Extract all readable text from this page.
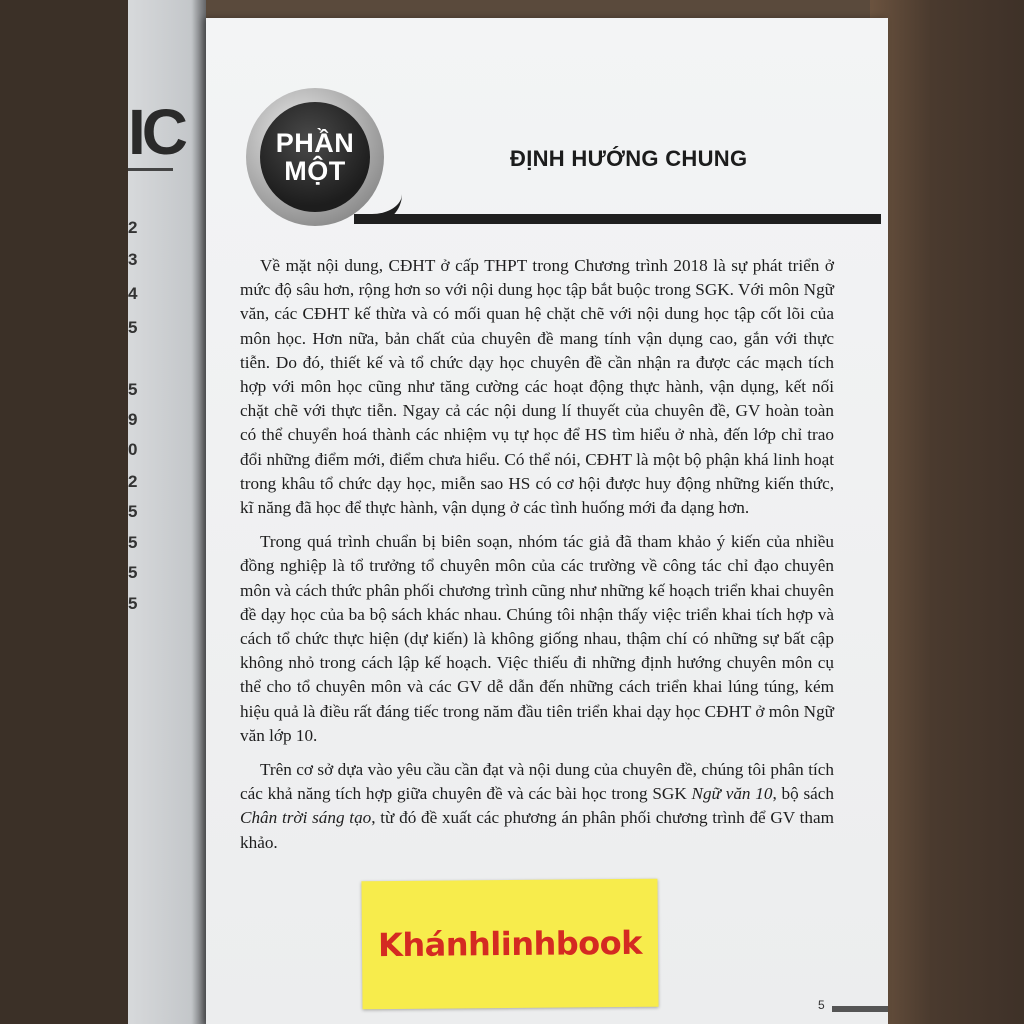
IC
2
3
4
5
5
9
0
2
5
5
5
5
PHẦN
MỘT	ĐỊNH HƯỚNG CHUNG

Về mặt nội dung, CĐHT ở cấp THPT trong Chương trình 2018 là sự phát triển ở mức độ sâu hơn, rộng hơn so với nội dung học tập bắt buộc trong SGK. Với môn Ngữ văn, các CĐHT kế thừa và có mối quan hệ chặt chẽ với nội dung học tập cốt lõi của môn học. Hơn nữa, bản chất của chuyên đề mang tính vận dụng cao, gắn với thực tiễn. Do đó, thiết kế và tổ chức dạy học chuyên đề cần nhận ra được các mạch tích hợp với môn học cũng như tăng cường các hoạt động thực hành, vận dụng, kết nối chặt chẽ với thực tiễn. Ngay cả các nội dung lí thuyết của chuyên đề, GV hoàn toàn có thể chuyển hoá thành các nhiệm vụ tự học để HS tìm hiểu ở nhà, đến lớp chỉ trao đổi những điểm mới, điểm chưa hiểu. Có thể nói, CĐHT là một bộ phận khá linh hoạt trong khâu tổ chức dạy học, miễn sao HS có cơ hội được huy động những kiến thức, kĩ năng đã học để thực hành, vận dụng ở các tình huống mới đa dạng hơn.

Trong quá trình chuẩn bị biên soạn, nhóm tác giả đã tham khảo ý kiến của nhiều đồng nghiệp là tổ trưởng tổ chuyên môn của các trường về công tác chỉ đạo chuyên môn và cách thức phân phối chương trình cũng như những kế hoạch triển khai chuyên đề dạy học của ba bộ sách khác nhau. Chúng tôi nhận thấy việc triển khai tích hợp và cách tổ chức thực hiện (dự kiến) là không giống nhau, thậm chí có những sự bất cập không nhỏ trong cách lập kế hoạch. Việc thiếu đi những định hướng chuyên môn cụ thể cho tổ chuyên môn và các GV dễ dẫn đến những cách triển khai lúng túng, kém hiệu quả là điều rất đáng tiếc trong năm đầu tiên triển khai dạy học CĐHT ở môn Ngữ văn lớp 10.

Trên cơ sở dựa vào yêu cầu cần đạt và nội dung của chuyên đề, chúng tôi phân tích các khả năng tích hợp giữa chuyên đề và các bài học trong SGK Ngữ văn 10, bộ sách Chân trời sáng tạo, từ đó đề xuất các phương án phân phối chương trình để GV tham khảo.

Khánhlinhbook
5
